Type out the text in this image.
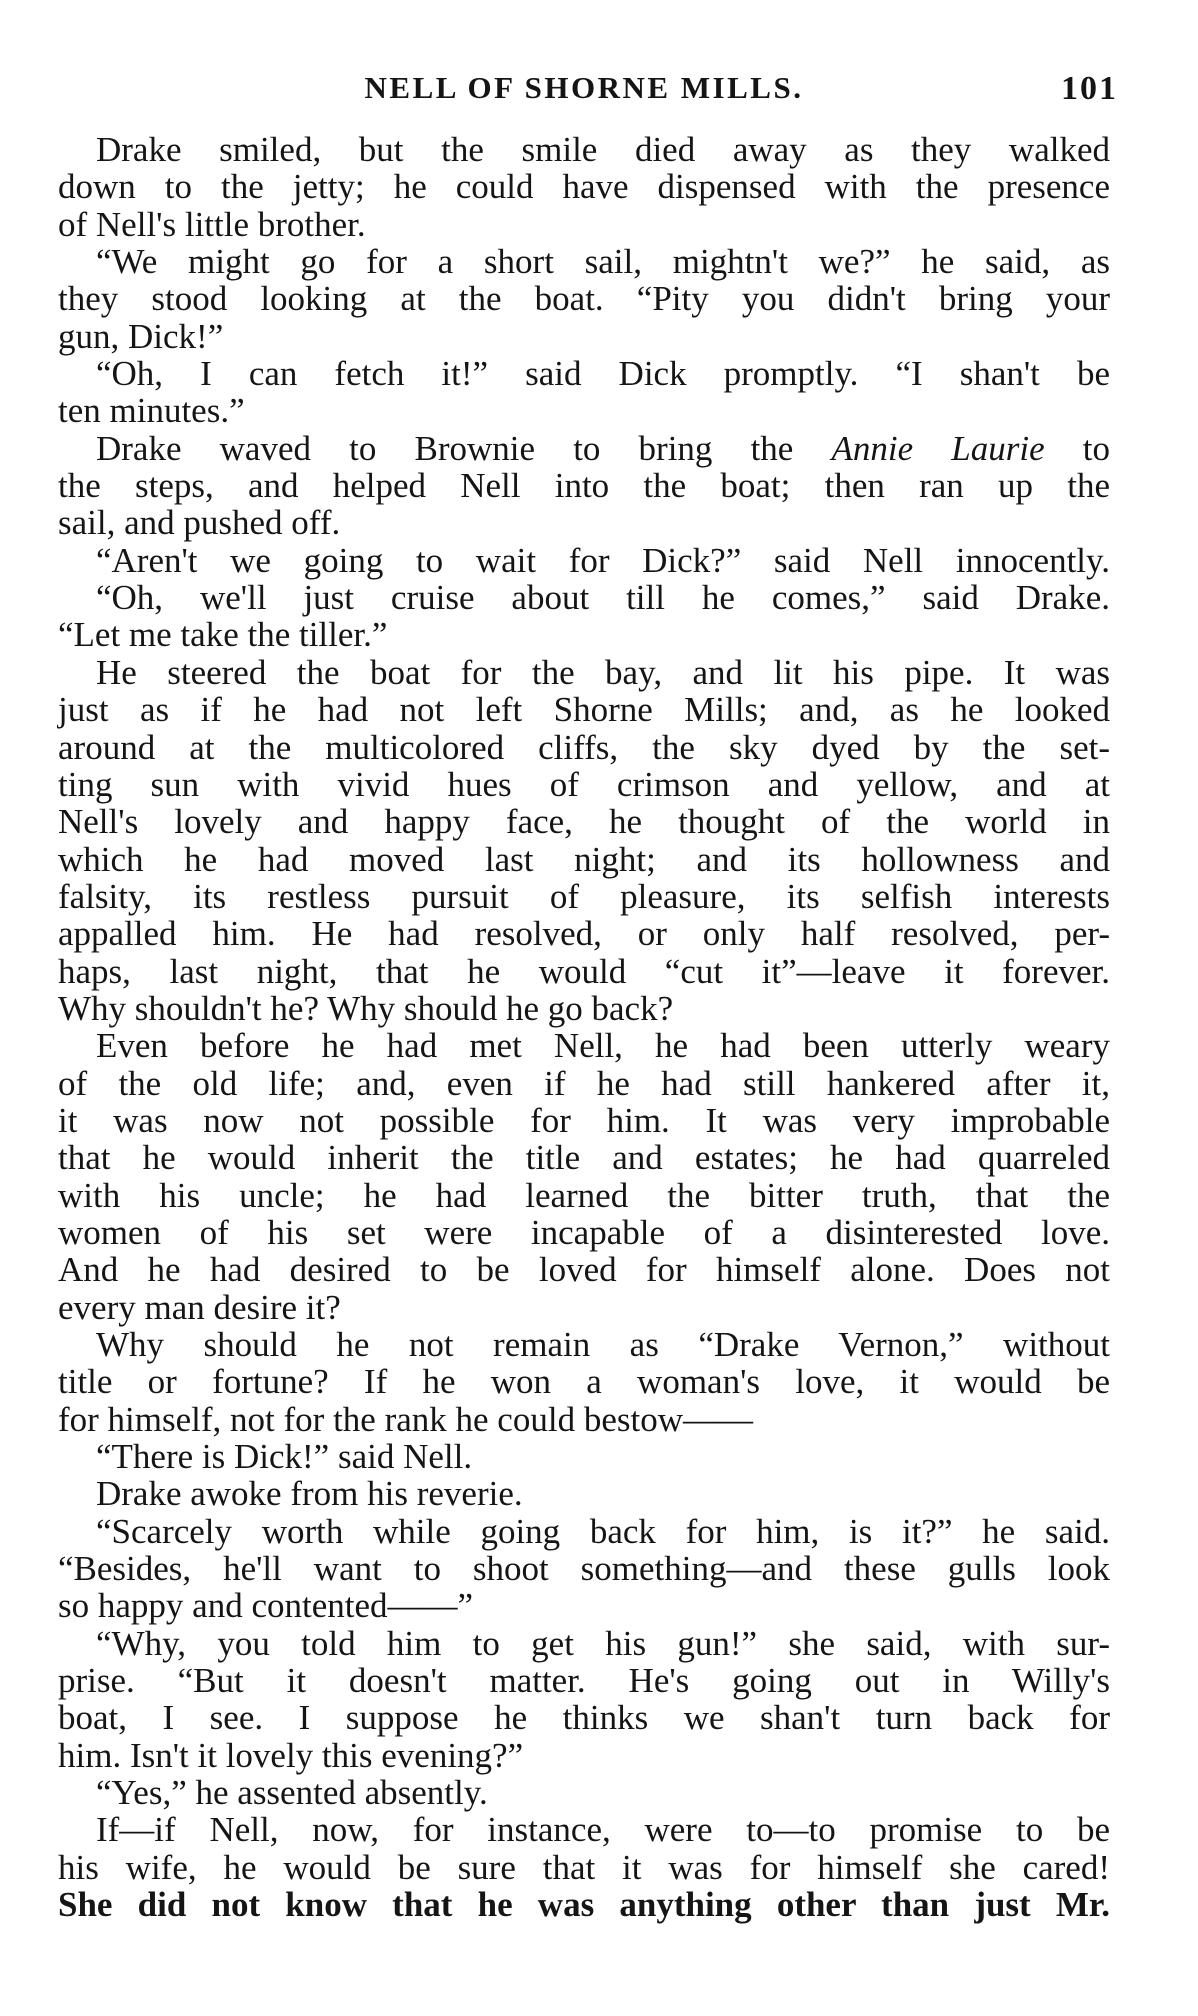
NELL OF SHORNE MILLS.	101
Drake smiled, but the smile died away as they walked
down to the jetty; he could have dispensed with the presence
of Nell's little brother.
“We might go for a short sail, mightn't we?” he said, as
they stood looking at the boat. “Pity you didn't bring your
gun, Dick!”
“Oh, I can fetch it!” said Dick promptly. “I shan't be
ten minutes.”
Drake waved to Brownie to bring the Annie Laurie to
the steps, and helped Nell into the boat; then ran up the
sail, and pushed off.
“Aren't we going to wait for Dick?” said Nell innocently.
“Oh, we'll just cruise about till he comes,” said Drake.
“Let me take the tiller.”
He steered the boat for the bay, and lit his pipe. It was
just as if he had not left Shorne Mills; and, as he looked
around at the multicolored cliffs, the sky dyed by the set-
ting sun with vivid hues of crimson and yellow, and at
Nell's lovely and happy face, he thought of the world in
which he had moved last night; and its hollowness and
falsity, its restless pursuit of pleasure, its selfish interests
appalled him. He had resolved, or only half resolved, per-
haps, last night, that he would “cut it”—leave it forever.
Why shouldn't he? Why should he go back?
Even before he had met Nell, he had been utterly weary
of the old life; and, even if he had still hankered after it,
it was now not possible for him. It was very improbable
that he would inherit the title and estates; he had quarreled
with his uncle; he had learned the bitter truth, that the
women of his set were incapable of a disinterested love.
And he had desired to be loved for himself alone. Does not
every man desire it?
Why should he not remain as “Drake Vernon,” without
title or fortune? If he won a woman's love, it would be
for himself, not for the rank he could bestow——
“There is Dick!” said Nell.
Drake awoke from his reverie.
“Scarcely worth while going back for him, is it?” he said.
“Besides, he'll want to shoot something—and these gulls look
so happy and contented——”
“Why, you told him to get his gun!” she said, with sur-
prise. “But it doesn't matter. He's going out in Willy's
boat, I see. I suppose he thinks we shan't turn back for
him. Isn't it lovely this evening?”
“Yes,” he assented absently.
If—if Nell, now, for instance, were to—to promise to be
his wife, he would be sure that it was for himself she cared!
She did not know that he was anything other than just Mr.
